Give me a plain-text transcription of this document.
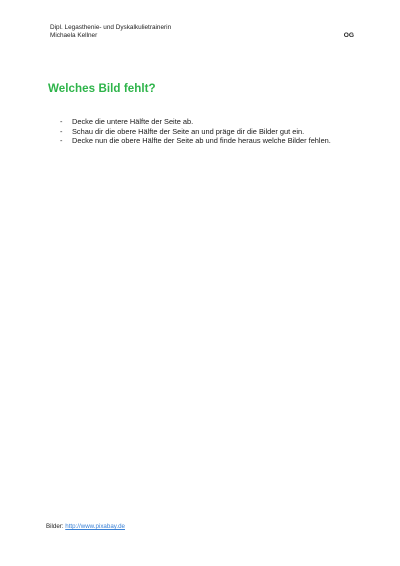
Dipl. Legasthenie- und Dyskalkulietrainerin
Michaela Kellner	OG
Welches Bild fehlt?
- Decke die untere Hälfte der Seite ab.
- Schau dir die obere Hälfte der Seite an und präge dir die Bilder gut ein.
- Decke nun die obere Hälfte der Seite ab und finde heraus welche Bilder fehlen.
Bilder: http://www.pixabay.de
